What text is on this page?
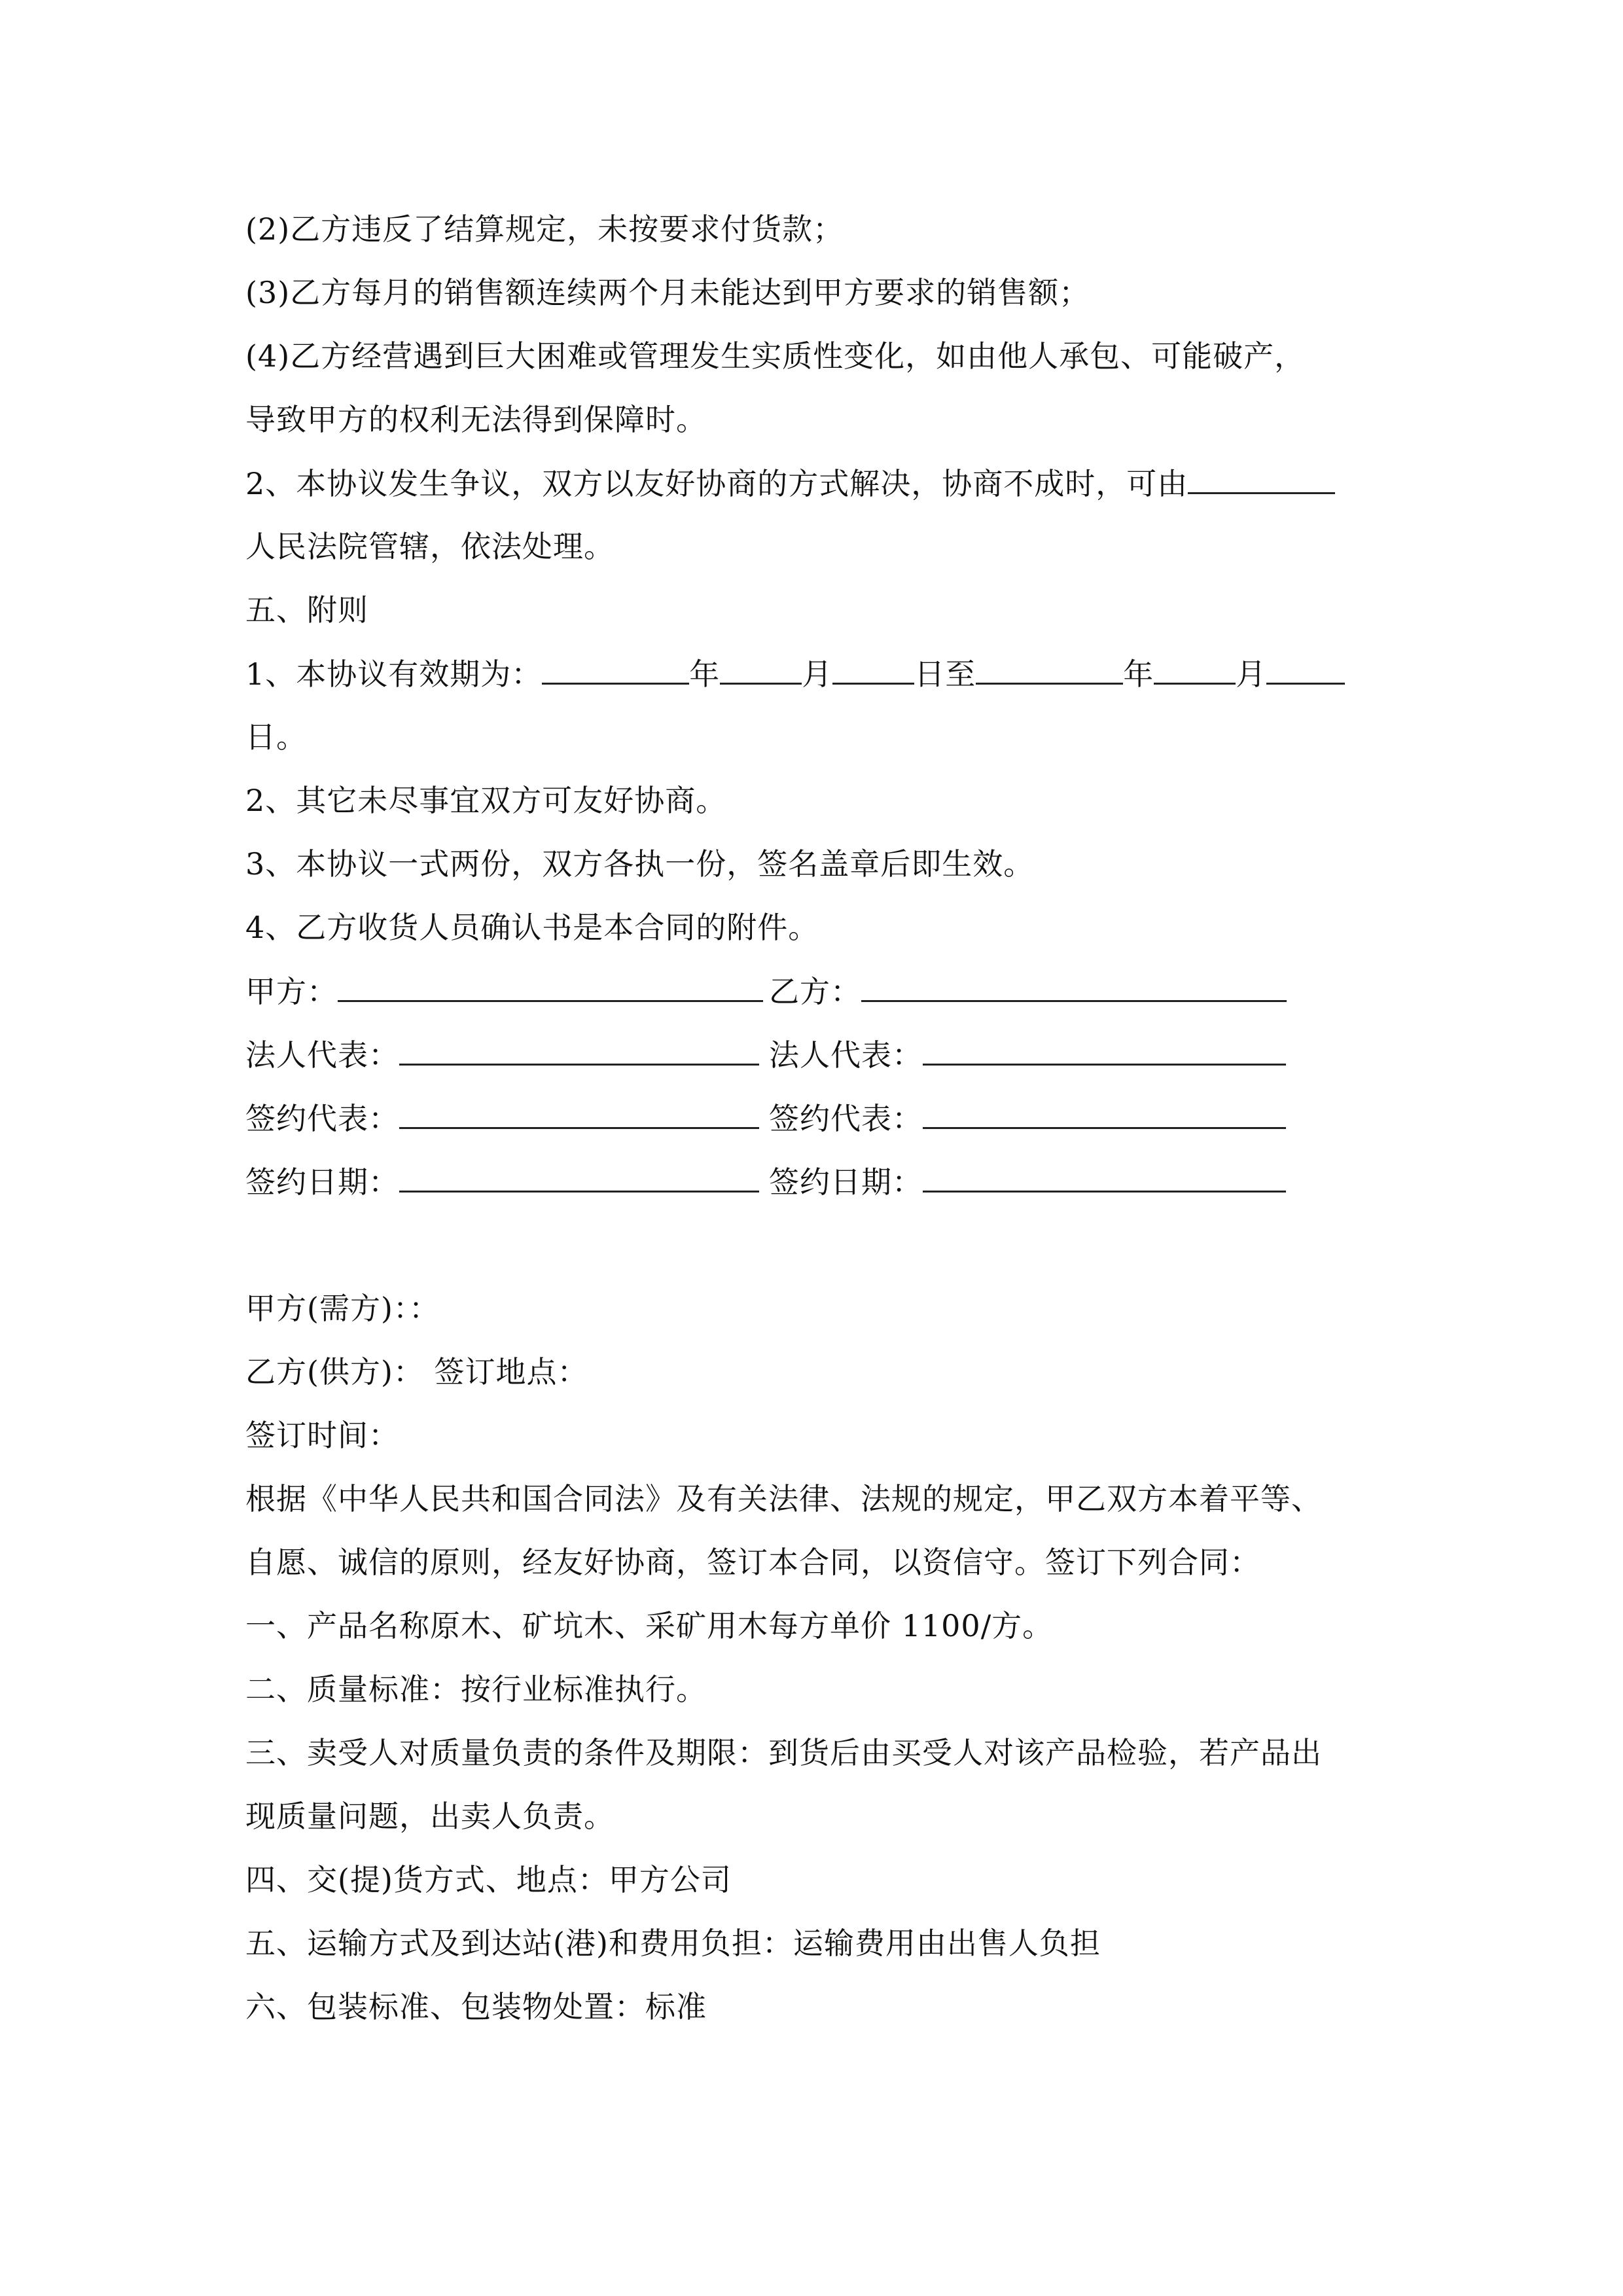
(2)乙方违反了结算规定，未按要求付货款；
(3)乙方每月的销售额连续两个月未能达到甲方要求的销售额；
(4)乙方经营遇到巨大困难或管理发生实质性变化，如由他人承包、可能破产，
导致甲方的权利无法得到保障时。
2、本协议发生争议，双方以友好协商的方式解决，协商不成时，可由
人民法院管辖，依法处理。
五、附则
1、本协议有效期为：	年	月	日至	年	月
日。
2、其它未尽事宜双方可友好协商。
3、本协议一式两份，双方各执一份，签名盖章后即生效。
4、乙方收货人员确认书是本合同的附件。
甲方：	乙方：
法人代表：	法人代表：
签约代表：	签约代表：
签约日期：	签约日期：
甲方(需方)：：
乙方(供方)： 签订地点：
签订时间：
根据《中华人民共和国合同法》及有关法律、法规的规定，甲乙双方本着平等、
自愿、诚信的原则，经友好协商，签订本合同，以资信守。签订下列合同：
一、产品名称原木、矿坑木、采矿用木每方单价 1100/方。
二、质量标准：按行业标准执行。
三、卖受人对质量负责的条件及期限：到货后由买受人对该产品检验，若产品出
现质量问题，出卖人负责。
四、交(提)货方式、地点：甲方公司
五、运输方式及到达站(港)和费用负担：运输费用由出售人负担
六、包装标准、包装物处置：标准
